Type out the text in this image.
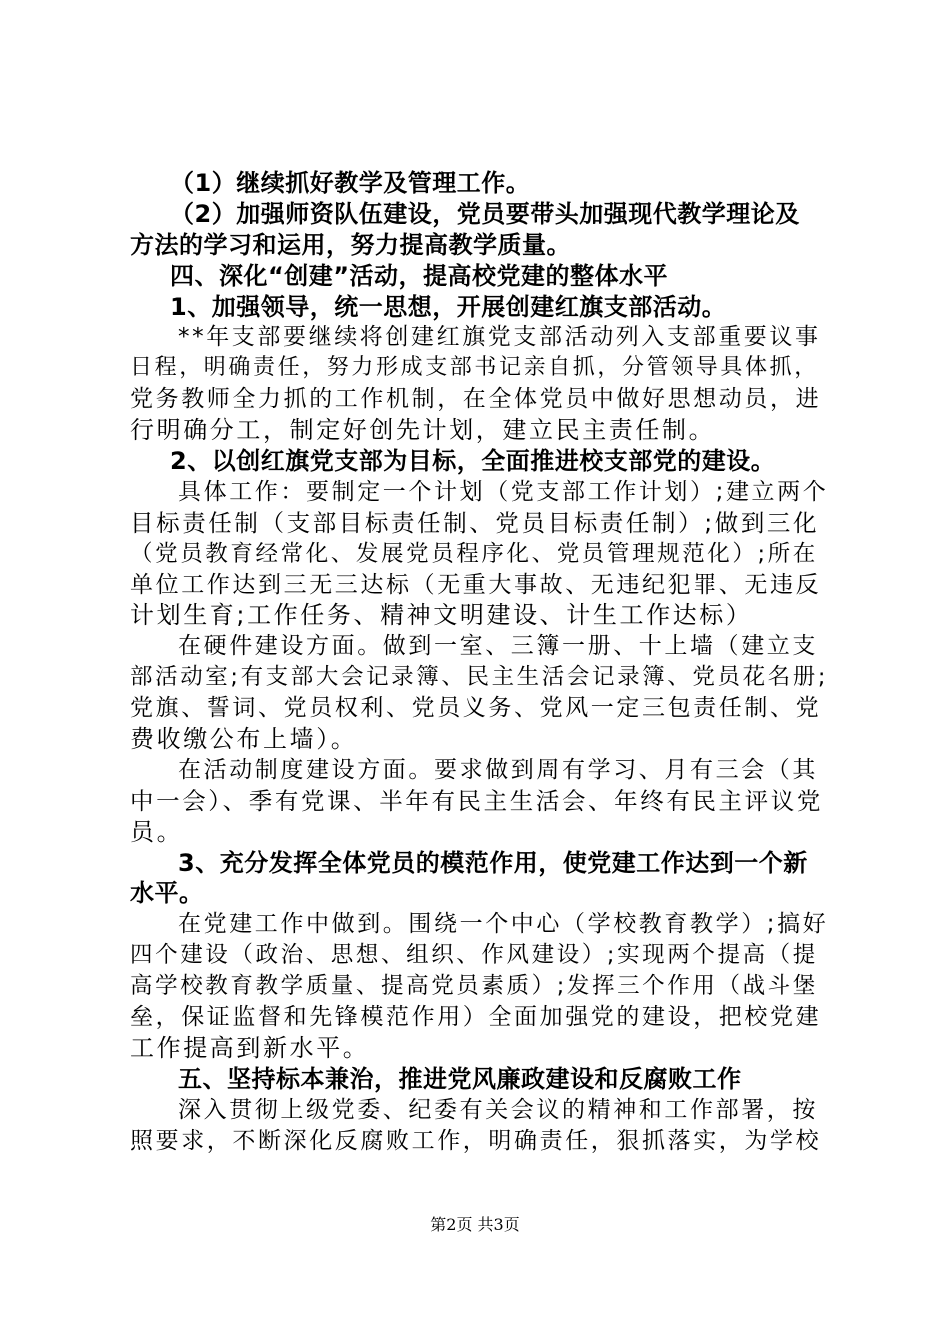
（1）继续抓好教学及管理工作。
（2）加强师资队伍建设，党员要带头加强现代教学理论及
方法的学习和运用，努力提高教学质量。
四、深化“创建”活动，提高校党建的整体水平
1、加强领导，统一思想，开展创建红旗支部活动。
**年支部要继续将创建红旗党支部活动列入支部重要议事
日程，明确责任，努力形成支部书记亲自抓，分管领导具体抓，
党务教师全力抓的工作机制，在全体党员中做好思想动员，进
行明确分工，制定好创先计划，建立民主责任制。
2、以创红旗党支部为目标，全面推进校支部党的建设。
具体工作：要制定一个计划（党支部工作计划）;建立两个
目标责任制（支部目标责任制、党员目标责任制）;做到三化
（党员教育经常化、发展党员程序化、党员管理规范化）;所在
单位工作达到三无三达标（无重大事故、无违纪犯罪、无违反
计划生育;工作任务、精神文明建设、计生工作达标）
在硬件建设方面。做到一室、三簿一册、十上墙（建立支
部活动室;有支部大会记录簿、民主生活会记录簿、党员花名册;
党旗、誓词、党员权利、党员义务、党风一定三包责任制、党
费收缴公布上墙）。
在活动制度建设方面。要求做到周有学习、月有三会（其
中一会）、季有党课、半年有民主生活会、年终有民主评议党
员。
3、充分发挥全体党员的模范作用，使党建工作达到一个新
水平。
在党建工作中做到。围绕一个中心（学校教育教学）;搞好
四个建设（政治、思想、组织、作风建设）;实现两个提高（提
高学校教育教学质量、提高党员素质）;发挥三个作用（战斗堡
垒，保证监督和先锋模范作用）全面加强党的建设，把校党建
工作提高到新水平。
五、坚持标本兼治，推进党风廉政建设和反腐败工作
深入贯彻上级党委、纪委有关会议的精神和工作部署，按
照要求，不断深化反腐败工作，明确责任，狠抓落实，为学校
第2页 共3页
